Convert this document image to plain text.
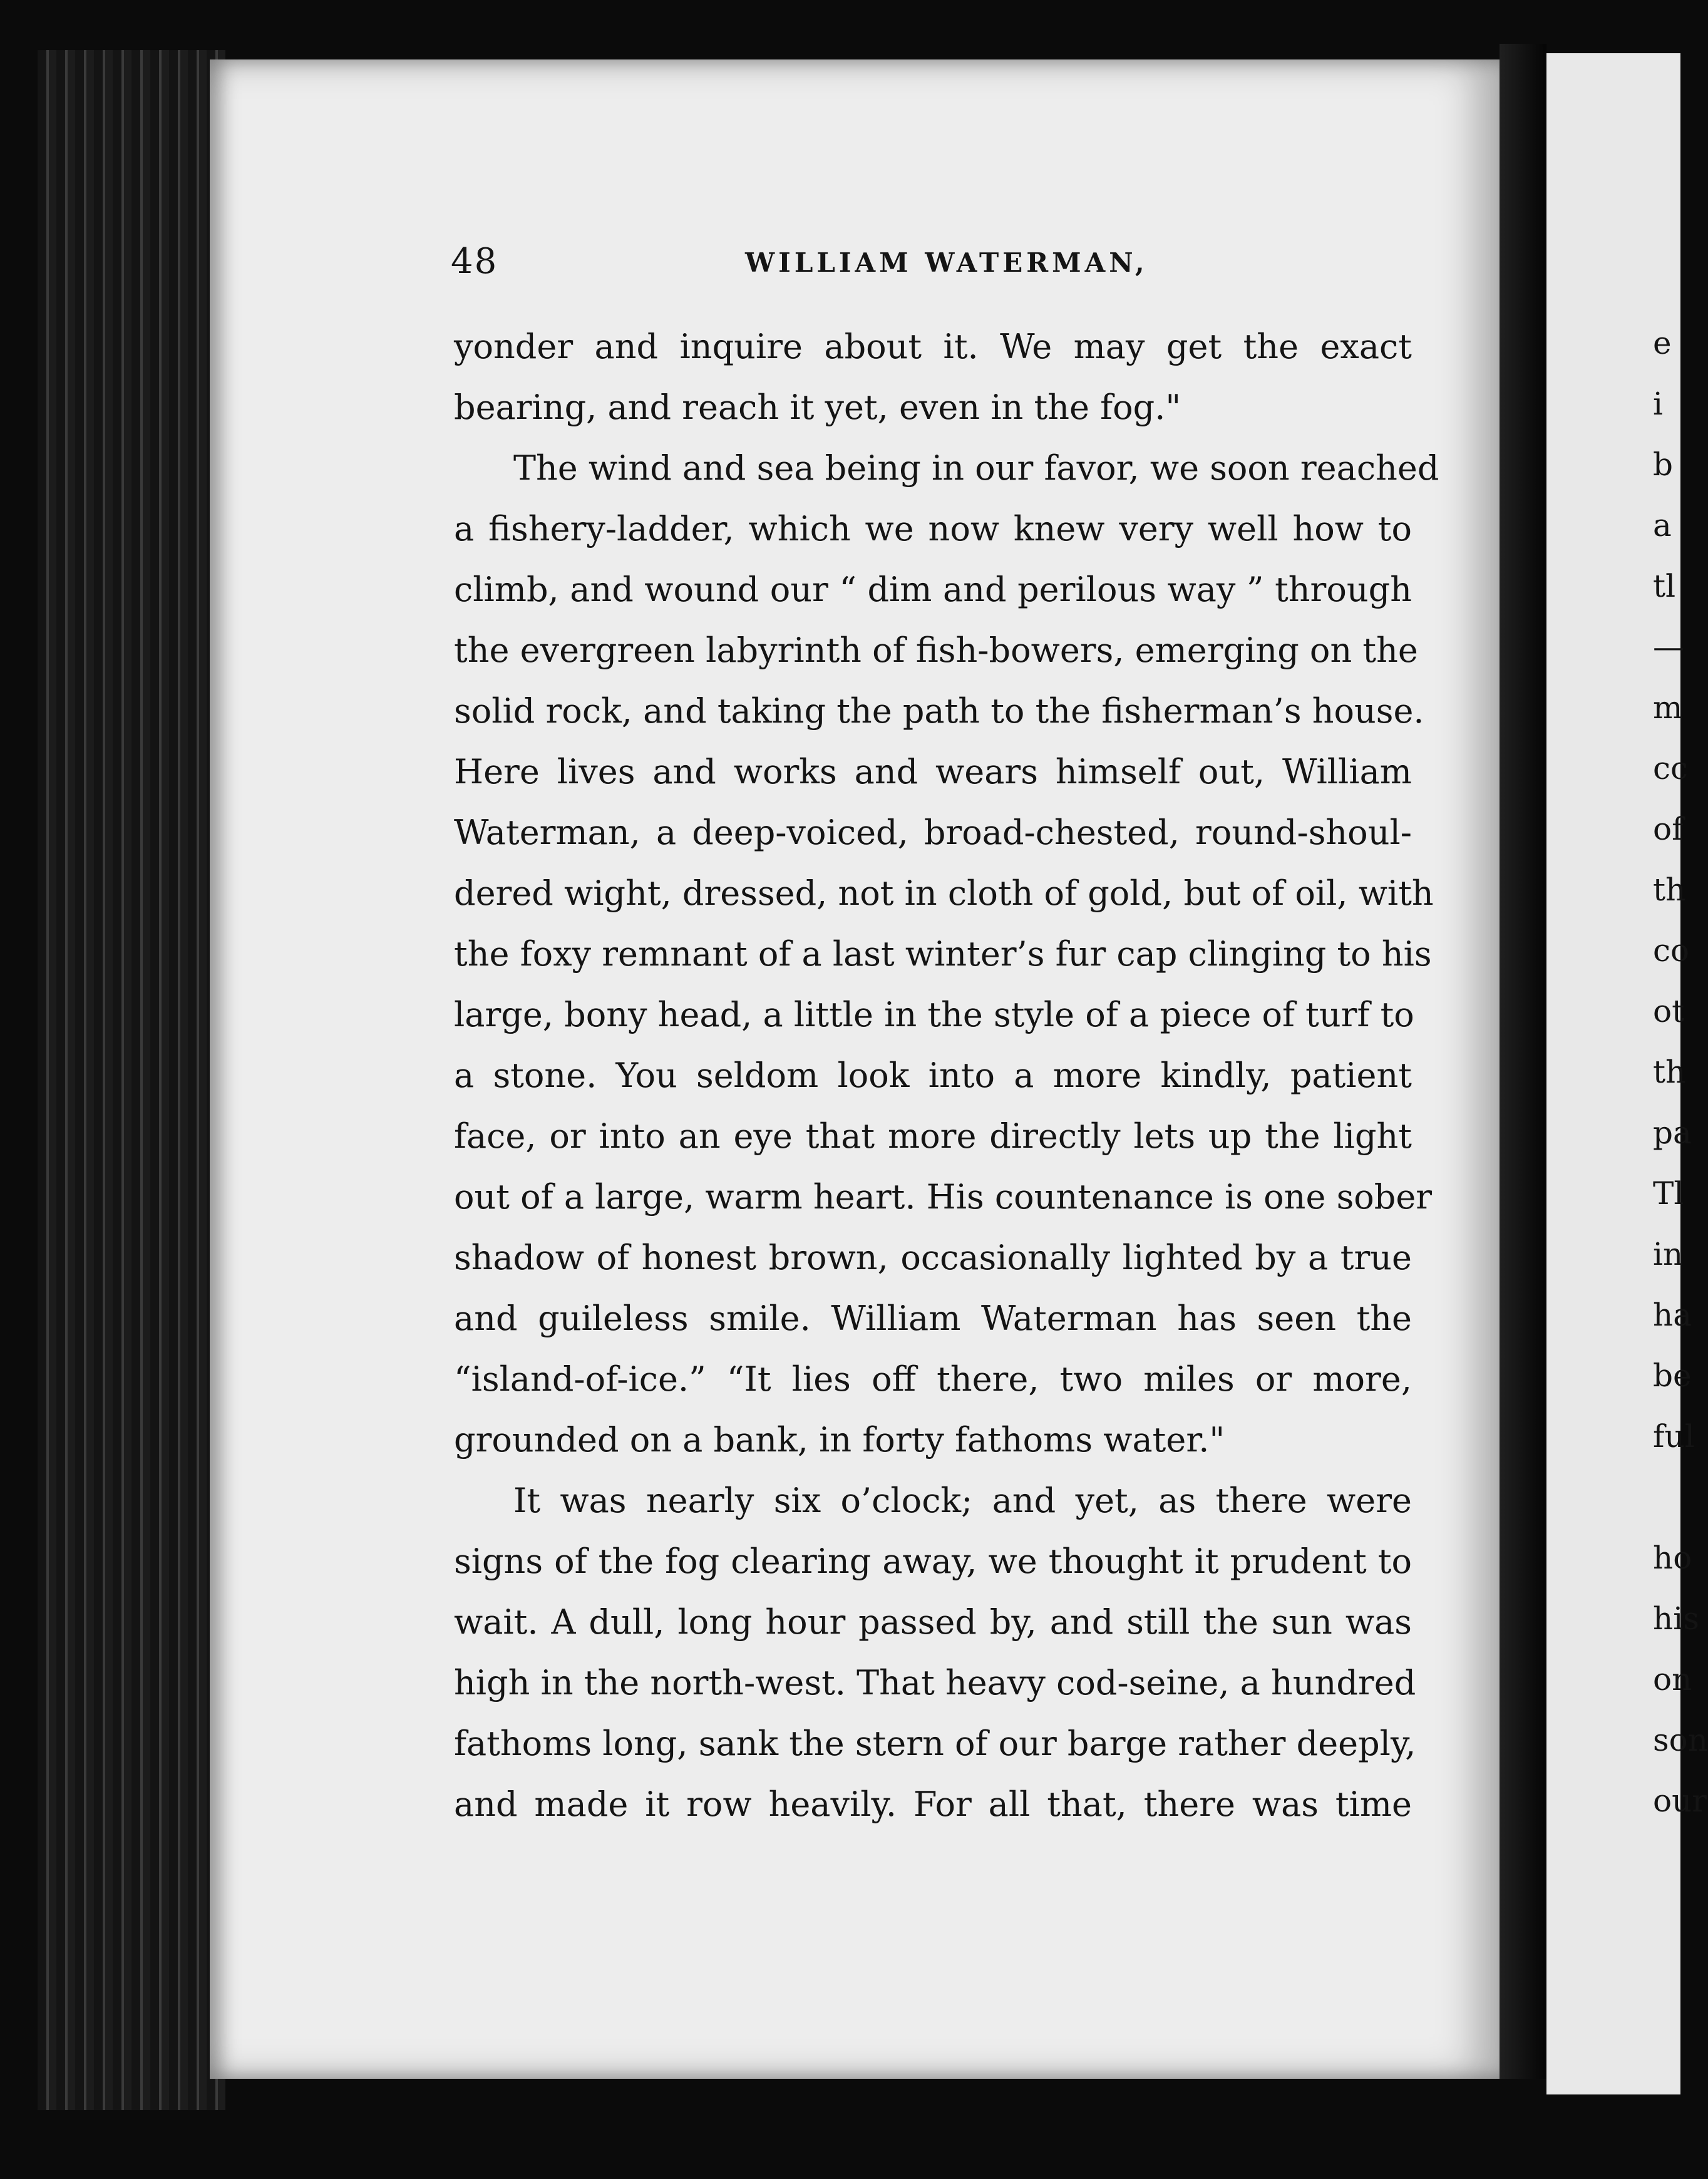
48	WILLIAM WATERMAN,
yonder and inquire about it. We may get the exact
bearing, and reach it yet, even in the fog."
The wind and sea being in our favor, we soon reached
a fishery-ladder, which we now knew very well how to
climb, and wound our “ dim and perilous way ” through
the evergreen labyrinth of fish-bowers, emerging on the
solid rock, and taking the path to the fisherman’s house.
Here lives and works and wears himself out, William
Waterman, a deep-voiced, broad-chested, round-shoul-
dered wight, dressed, not in cloth of gold, but of oil, with
the foxy remnant of a last winter’s fur cap clinging to his
large, bony head, a little in the style of a piece of turf to
a stone. You seldom look into a more kindly, patient
face, or into an eye that more directly lets up the light
out of a large, warm heart. His countenance is one sober
shadow of honest brown, occasionally lighted by a true
and guileless smile. William Waterman has seen the
“island-of-ice.” “It lies off there, two miles or more,
grounded on a bank, in forty fathoms water."
It was nearly six o’clock; and yet, as there were
signs of the fog clearing away, we thought it prudent to
wait. A dull, long hour passed by, and still the sun was
high in the north-west. That heavy cod-seine, a hundred
fathoms long, sank the stern of our barge rather deeply,
and made it row heavily. For all that, there was time
e
i
b
a
tl
—
m
cc
of
th
co
ot
th
pa
Tl
in
ha
be
ful

ho
his
on
son
our
